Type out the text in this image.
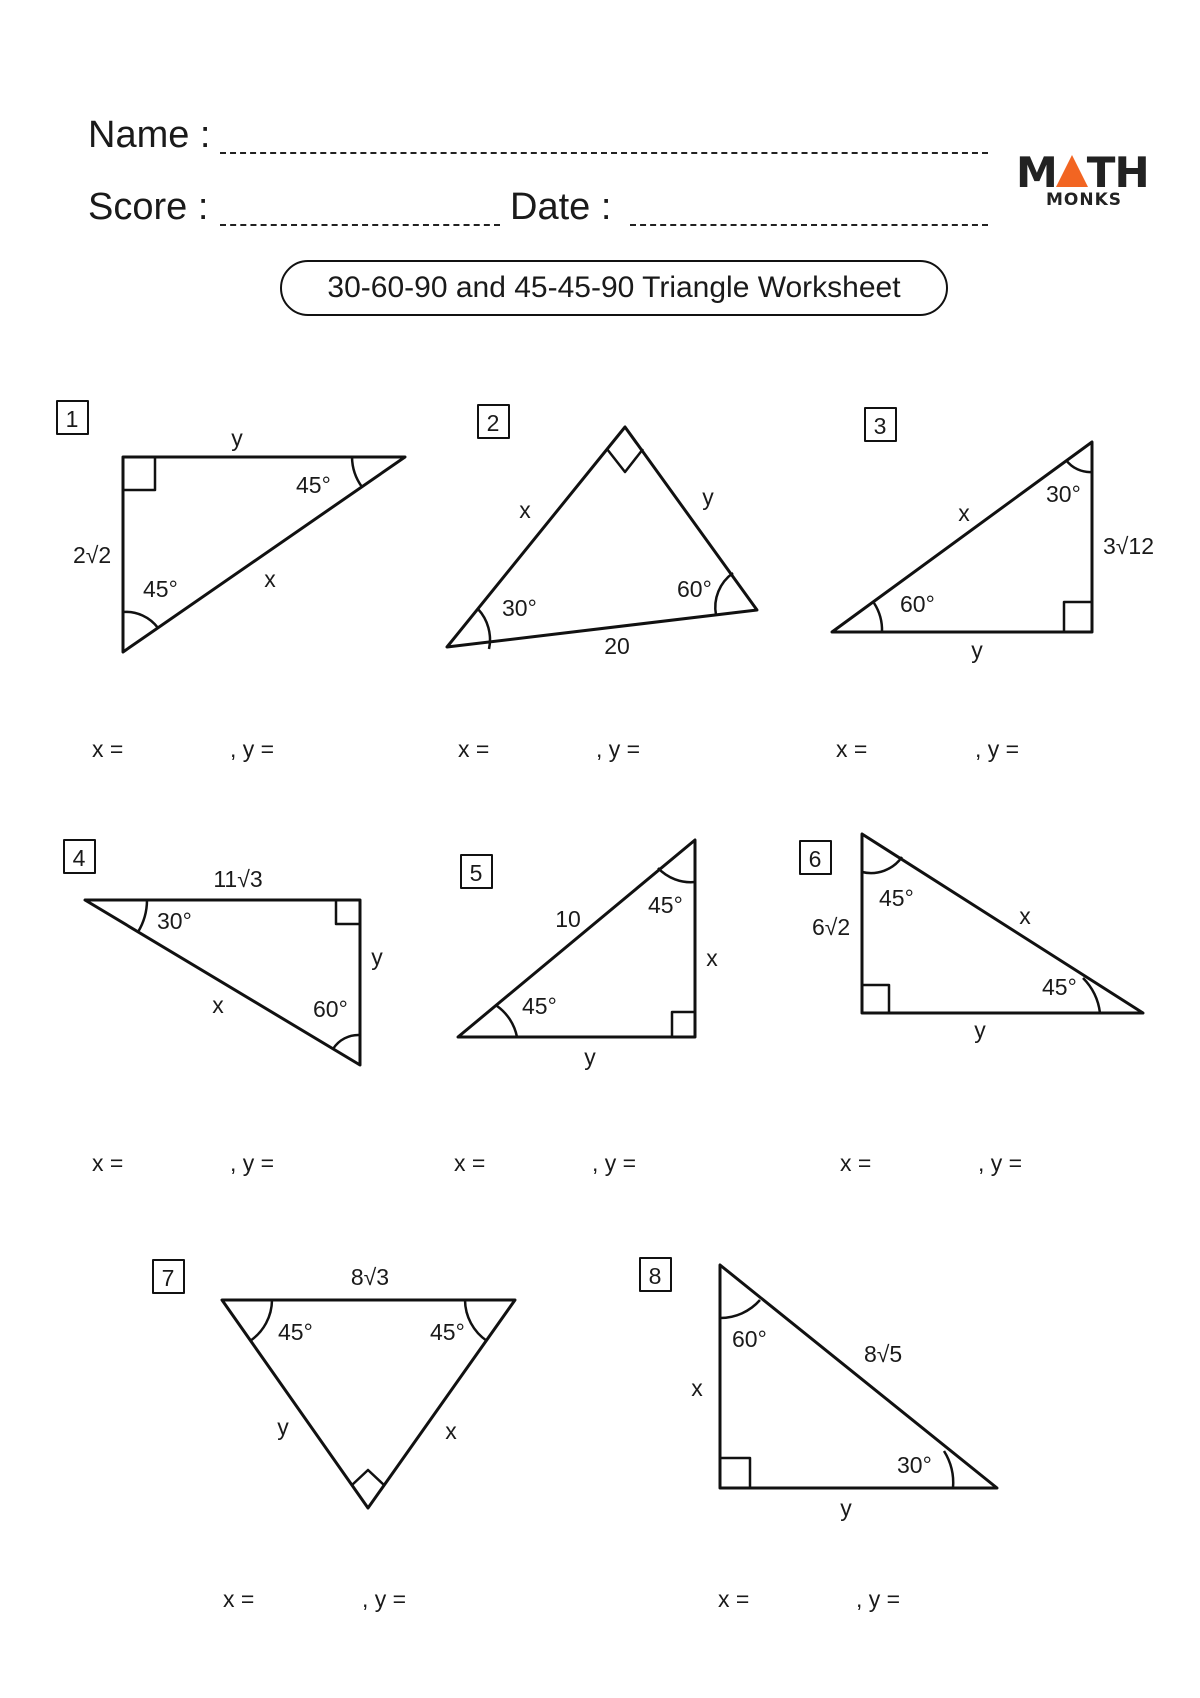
Name :
Score :	Date :
M TH
MONKS
30-60-90 and 45-45-90 Triangle Worksheet
1	2	3
4
5
6
7	8
y
2√2
x
45°
45°
x	y
20
30°
60°
x
3√12
y
30°
60°
11√3
y
x
30°
60°
10
x
y
45°
45°
6√2	x
y
45°
45°
8√3
y	x
45°	45°
x
8√5
y
60°
30°
x =	, y =	x =	, y =	x =	, y =
x =	, y =	x =	, y =	x =	, y =
x =	, y =	x =	, y =
